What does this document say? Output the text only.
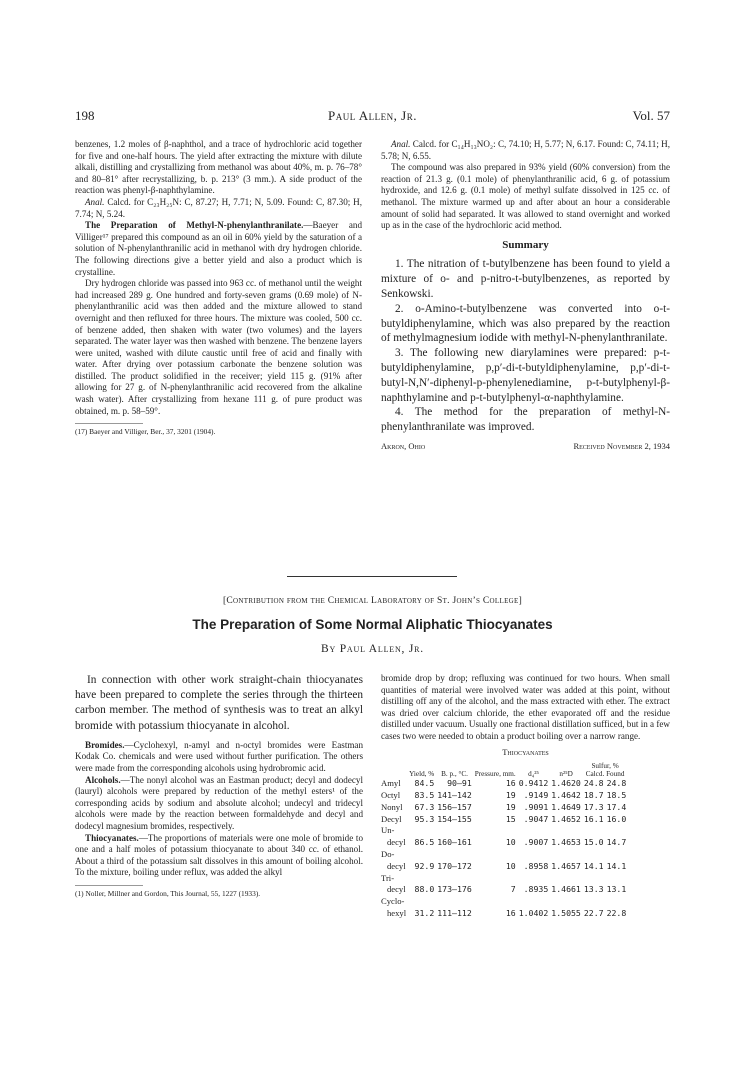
198	Paul Allen, Jr.	Vol. 57

benzenes, 1.2 moles of β-naphthol, and a trace of hydrochloric acid together for five and one-half hours. The yield after extracting the mixture with dilute alkali, distilling and crystallizing from methanol was about 40%, m. p. 76–78° and 80–81° after recrystallizing, b. p. 213° (3 mm.). A side product of the reaction was phenyl-β-naphthylamine.

Anal. Calcd. for C₂₃H₂₅N: C, 87.27; H, 7.71; N, 5.09. Found: C, 87.30; H, 7.74; N, 5.24.

The Preparation of Methyl-N-phenylanthranilate.—Baeyer and Villiger¹⁷ prepared this compound as an oil in 60% yield by the saturation of a solution of N-phenylanthranilic acid in methanol with dry hydrogen chloride. The following directions give a better yield and also a product which is crystalline.

Dry hydrogen chloride was passed into 963 cc. of methanol until the weight had increased 289 g. One hundred and forty-seven grams (0.69 mole) of N-phenylanthranilic acid was then added and the mixture allowed to stand overnight and then refluxed for three hours. The mixture was cooled, 500 cc. of benzene added, then shaken with water (two volumes) and the layers separated. The water layer was then washed with benzene. The benzene layers were united, washed with dilute caustic until free of acid and finally with water. After drying over potassium carbonate the benzene solution was distilled. The product solidified in the receiver; yield 115 g. (91% after allowing for 27 g. of N-phenylanthranilic acid recovered from the alkaline wash water). After crystallizing from hexane 111 g. of pure product was obtained, m. p. 58–59°.

(17) Baeyer and Villiger, Ber., 37, 3201 (1904).

Anal. Calcd. for C₁₄H₁₃NO₂: C, 74.10; H, 5.77; N, 6.17. Found: C, 74.11; H, 5.78; N, 6.55.

The compound was also prepared in 93% yield (60% conversion) from the reaction of 21.3 g. (0.1 mole) of phenylanthranilic acid, 6 g. of potassium hydroxide, and 12.6 g. (0.1 mole) of methyl sulfate dissolved in 125 cc. of methanol. The mixture warmed up and after about an hour a considerable amount of solid had separated. It was allowed to stand overnight and worked up as in the case of the hydrochloric acid method.

Summary

1. The nitration of t-butylbenzene has been found to yield a mixture of o- and p-nitro-t-butylbenzenes, as reported by Senkowski.

2. o-Amino-t-butylbenzene was converted into o-t-butyldiphenylamine, which was also prepared by the reaction of methylmagnesium iodide with methyl-N-phenylanthranilate.

3. The following new diarylamines were prepared: p-t-butyldiphenylamine, p,p′-di-t-butyldiphenylamine, p,p′-di-t-butyl-N,N′-diphenyl-p-phenylenediamine, p-t-butylphenyl-β-naphthylamine and p-t-butylphenyl-α-naphthylamine.

4. The method for the preparation of methyl-N-phenylanthranilate was improved.

Akron, Ohio	Received November 2, 1934
[Contribution from the Chemical Laboratory of St. John’s College]
The Preparation of Some Normal Aliphatic Thiocyanates
By Paul Allen, Jr.

In connection with other work straight-chain thiocyanates have been prepared to complete the series through the thirteen carbon member. The method of synthesis was to treat an alkyl bromide with potassium thiocyanate in alcohol.

Bromides.—Cyclohexyl, n-amyl and n-octyl bromides were Eastman Kodak Co. chemicals and were used without further purification. The others were made from the corresponding alcohols using hydrobromic acid.

Alcohols.—The nonyl alcohol was an Eastman product; decyl and dodecyl (lauryl) alcohols were prepared by reduction of the methyl esters¹ of the corresponding acids by sodium and absolute alcohol; undecyl and tridecyl alcohols were made by the reaction between formaldehyde and decyl and dodecyl magnesium bromides, respectively.

Thiocyanates.—The proportions of materials were one mole of bromide to one and a half moles of potassium thiocyanate to about 340 cc. of ethanol. About a third of the potassium salt dissolves in this amount of boiling alcohol. To the mixture, boiling under reflux, was added the alkyl

(1) Noller, Millner and Gordon, This Journal, 55, 1227 (1933).

bromide drop by drop; refluxing was continued for two hours. When small quantities of material were involved water was added at this point, without distilling off any of the alcohol, and the mass extracted with ether. The extract was dried over calcium chloride, the ether evaporated off and the residue distilled under vacuum. Usually one fractional distillation sufficed, but in a few cases two were needed to obtain a product boiling over a narrow range.

Thiocyanates
	Yield, %	B. p., °C.	Pressure, mm.	d₄²⁵	n²⁵D	Sulfur, %
Calcd. Found	
Amyl	84.5	90–91	16	0.9412	1.4620	24.8	24.8
Octyl	83.5	141–142	19	.9149	1.4642	18.7	18.5
Nonyl	67.3	156–157	19	.9091	1.4649	17.3	17.4
Decyl	95.3	154–155	15	.9047	1.4652	16.1	16.0
Un-
decyl	86.5	160–161	10	.9007	1.4653	15.0	14.7
Do-
decyl	92.9	170–172	10	.8958	1.4657	14.1	14.1
Tri-
decyl	88.0	173–176	7	.8935	1.4661	13.3	13.1
Cyclo-
hexyl	31.2	111–112	16	1.0402	1.5055	22.7	22.8
